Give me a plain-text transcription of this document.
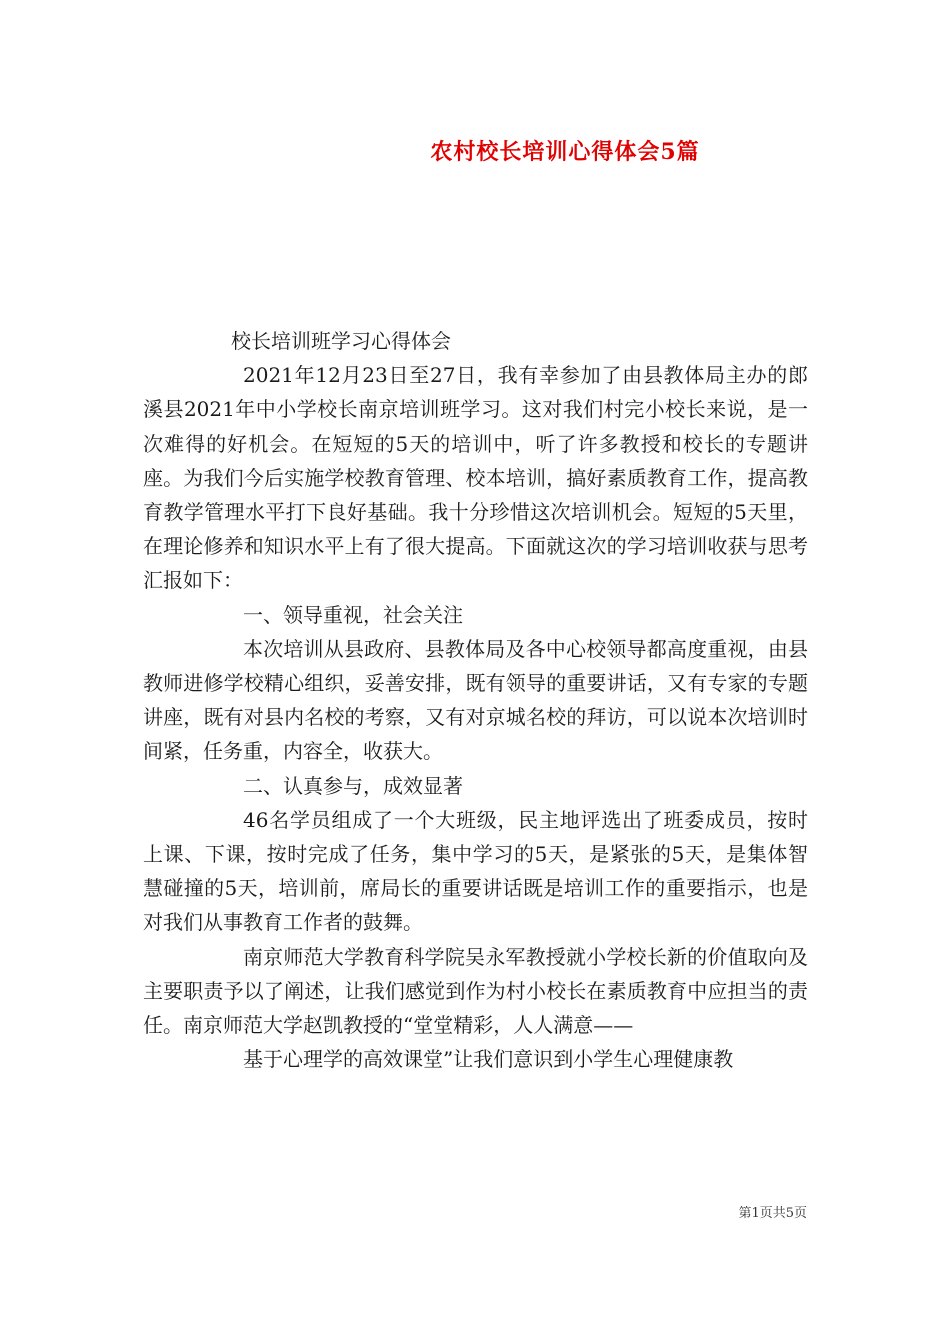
农村校长培训心得体会5篇

校长培训班学习心得体会

2021年12月23日至27日，我有幸参加了由县教体局主办的郎溪县2021年中小学校长南京培训班学习。这对我们村完小校长来说，是一次难得的好机会。在短短的5天的培训中，听了许多教授和校长的专题讲座。为我们今后实施学校教育管理、校本培训，搞好素质教育工作，提高教育教学管理水平打下良好基础。我十分珍惜这次培训机会。短短的5天里，在理论修养和知识水平上有了很大提高。下面就这次的学习培训收获与思考汇报如下：

一、领导重视，社会关注

本次培训从县政府、县教体局及各中心校领导都高度重视，由县教师进修学校精心组织，妥善安排，既有领导的重要讲话，又有专家的专题讲座，既有对县内名校的考察，又有对京城名校的拜访，可以说本次培训时间紧，任务重，内容全，收获大。

二、认真参与，成效显著

46名学员组成了一个大班级，民主地评选出了班委成员，按时上课、下课，按时完成了任务，集中学习的5天，是紧张的5天，是集体智慧碰撞的5天，培训前，席局长的重要讲话既是培训工作的重要指示，也是对我们从事教育工作者的鼓舞。

南京师范大学教育科学院吴永军教授就小学校长新的价值取向及主要职责予以了阐述，让我们感觉到作为村小校长在素质教育中应担当的责任。南京师范大学赵凯教授的“堂堂精彩，人人满意——

基于心理学的高效课堂”让我们意识到小学生心理健康教

第1页共5页
